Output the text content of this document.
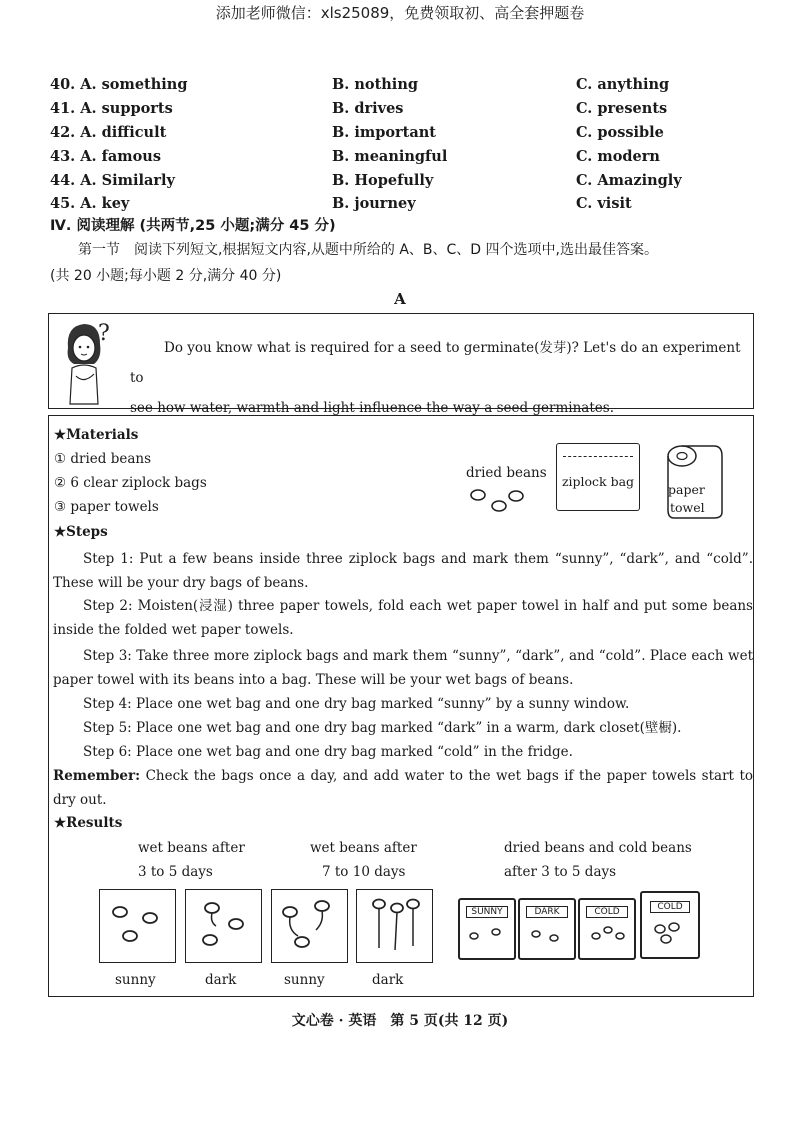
添加老师微信：xls25089，免费领取初、高全套押题卷
40. A. something	B. nothing	C. anything
41. A. supports	B. drives	C. presents
42. A. difficult	B. important	C. possible
43. A. famous	B. meaningful	C. modern
44. A. Similarly	B. Hopefully	C. Amazingly
45. A. key	B. journey	C. visit
Ⅳ. 阅读理解 (共两节,25 小题;满分 45 分)
第一节　阅读下列短文,根据短文内容,从题中所给的 A、B、C、D 四个选项中,选出最佳答案。
(共 20 小题;每小题 2 分,满分 40 分)
A
?
Do you know what is required for a seed to germinate(发芽)? Let's do an experiment to
see how water, warmth and light influence the way a seed germinates.
★Materials
① dried beans
② 6 clear ziplock bags
③ paper towels
dried beans
ziplock bag
paper
towel
★Steps
Step 1: Put a few beans inside three ziplock bags and mark them “sunny”, “dark”, and “cold”. These will be your dry bags of beans.
Step 2: Moisten(浸湿) three paper towels, fold each wet paper towel in half and put some beans inside the folded wet paper towels.
Step 3: Take three more ziplock bags and mark them “sunny”, “dark”, and “cold”. Place each wet paper towel with its beans into a bag. These will be your wet bags of beans.
Step 4: Place one wet bag and one dry bag marked “sunny” by a sunny window.
Step 5: Place one wet bag and one dry bag marked “dark” in a warm, dark closet(壁橱).
Step 6: Place one wet bag and one dry bag marked “cold” in the fridge.
Remember: Check the bags once a day, and add water to the wet bags if the paper towels start to dry out.
★Results
wet beans after
3 to 5 days
wet beans after
7 to 10 days
dried beans and cold beans
after 3 to 5 days
sunny	dark	sunny	dark
SUNNY	DARK	COLD	COLD
文心卷 · 英语　第 5 页(共 12 页)
